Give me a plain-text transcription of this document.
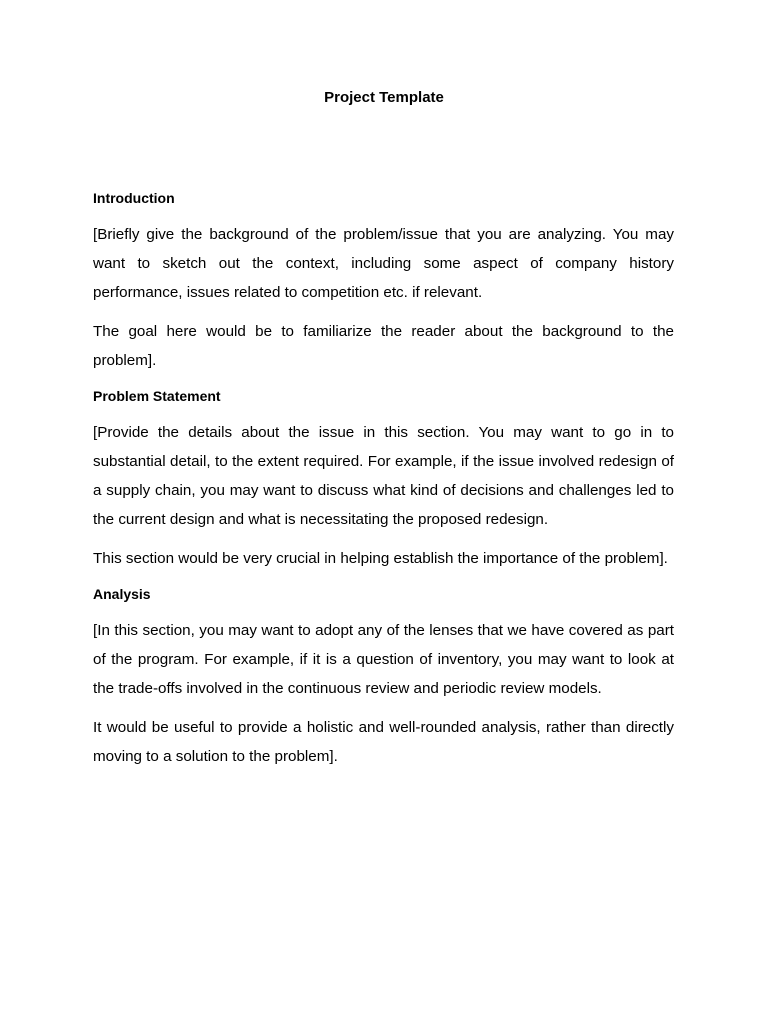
Project Template
Introduction

[Briefly give the background of the problem/issue that you are analyzing. You may want to sketch out the context, including some aspect of company history performance, issues related to competition etc. if relevant.

The goal here would be to familiarize the reader about the background to the problem].

Problem Statement

[Provide the details about the issue in this section. You may want to go in to substantial detail, to the extent required. For example, if the issue involved redesign of a supply chain, you may want to discuss what kind of decisions and challenges led to the current design and what is necessitating the proposed redesign.

This section would be very crucial in helping establish the importance of the problem].

Analysis

[In this section, you may want to adopt any of the lenses that we have covered as part of the program. For example, if it is a question of inventory, you may want to look at the trade-offs involved in the continuous review and periodic review models.

It would be useful to provide a holistic and well-rounded analysis, rather than directly moving to a solution to the problem].
